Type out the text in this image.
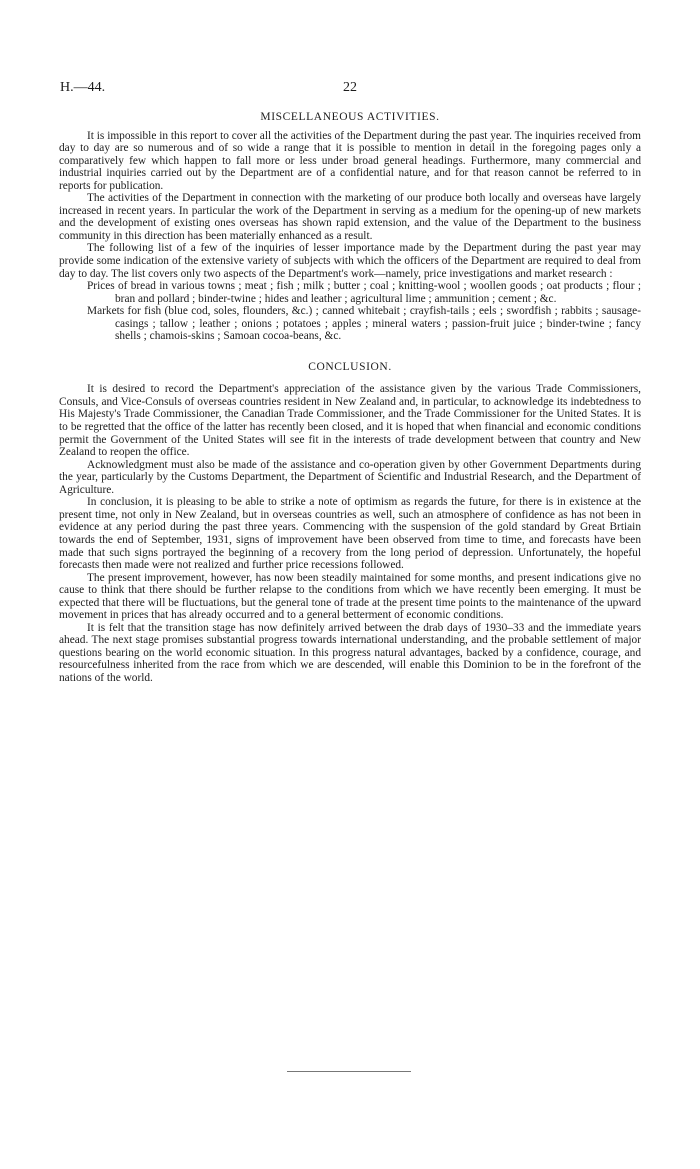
H.—44.	22
MISCELLANEOUS ACTIVITIES.

It is impossible in this report to cover all the activities of the Department during the past year. The inquiries received from day to day are so numerous and of so wide a range that it is possible to mention in detail in the foregoing pages only a comparatively few which happen to fall more or less under broad general headings. Furthermore, many commercial and industrial inquiries carried out by the Department are of a confidential nature, and for that reason cannot be referred to in reports for publication.

The activities of the Department in connection with the marketing of our produce both locally and overseas have largely increased in recent years. In particular the work of the Department in serving as a medium for the opening-up of new markets and the development of existing ones overseas has shown rapid extension, and the value of the Department to the business community in this direction has been materially enhanced as a result.

The following list of a few of the inquiries of lesser importance made by the Department during the past year may provide some indication of the extensive variety of subjects with which the officers of the Department are required to deal from day to day. The list covers only two aspects of the Department's work—namely, price investigations and market research :

Prices of bread in various towns ; meat ; fish ; milk ; butter ; coal ; knitting-wool ; woollen goods ; oat products ; flour ; bran and pollard ; binder-twine ; hides and leather ; agricultural lime ; ammunition ; cement ; &c.
Markets for fish (blue cod, soles, flounders, &c.) ; canned whitebait ; crayfish-tails ; eels ; swordfish ; rabbits ; sausage-casings ; tallow ; leather ; onions ; potatoes ; apples ; mineral waters ; passion-fruit juice ; binder-twine ; fancy shells ; chamois-skins ; Samoan cocoa-beans, &c.
CONCLUSION.

It is desired to record the Department's appreciation of the assistance given by the various Trade Commissioners, Consuls, and Vice-Consuls of overseas countries resident in New Zealand and, in particular, to acknowledge its indebtedness to His Majesty's Trade Commissioner, the Canadian Trade Commissioner, and the Trade Commissioner for the United States. It is to be regretted that the office of the latter has recently been closed, and it is hoped that when financial and economic conditions permit the Government of the United States will see fit in the interests of trade development between that country and New Zealand to reopen the office.

Acknowledgment must also be made of the assistance and co-operation given by other Government Departments during the year, particularly by the Customs Department, the Department of Scientific and Industrial Research, and the Department of Agriculture.

In conclusion, it is pleasing to be able to strike a note of optimism as regards the future, for there is in existence at the present time, not only in New Zealand, but in overseas countries as well, such an atmosphere of confidence as has not been in evidence at any period during the past three years. Commencing with the suspension of the gold standard by Great Brtiain towards the end of September, 1931, signs of improvement have been observed from time to time, and forecasts have been made that such signs portrayed the beginning of a recovery from the long period of depression. Unfortunately, the hopeful forecasts then made were not realized and further price recessions followed.

The present improvement, however, has now been steadily maintained for some months, and present indications give no cause to think that there should be further relapse to the conditions from which we have recently been emerging. It must be expected that there will be fluctuations, but the general tone of trade at the present time points to the maintenance of the upward movement in prices that has already occurred and to a general betterment of economic conditions.

It is felt that the transition stage has now definitely arrived between the drab days of 1930–33 and the immediate years ahead. The next stage promises substantial progress towards international understanding, and the probable settlement of major questions bearing on the world economic situation. In this progress natural advantages, backed by a confidence, courage, and resourcefulness inherited from the race from which we are descended, will enable this Dominion to be in the forefront of the nations of the world.
